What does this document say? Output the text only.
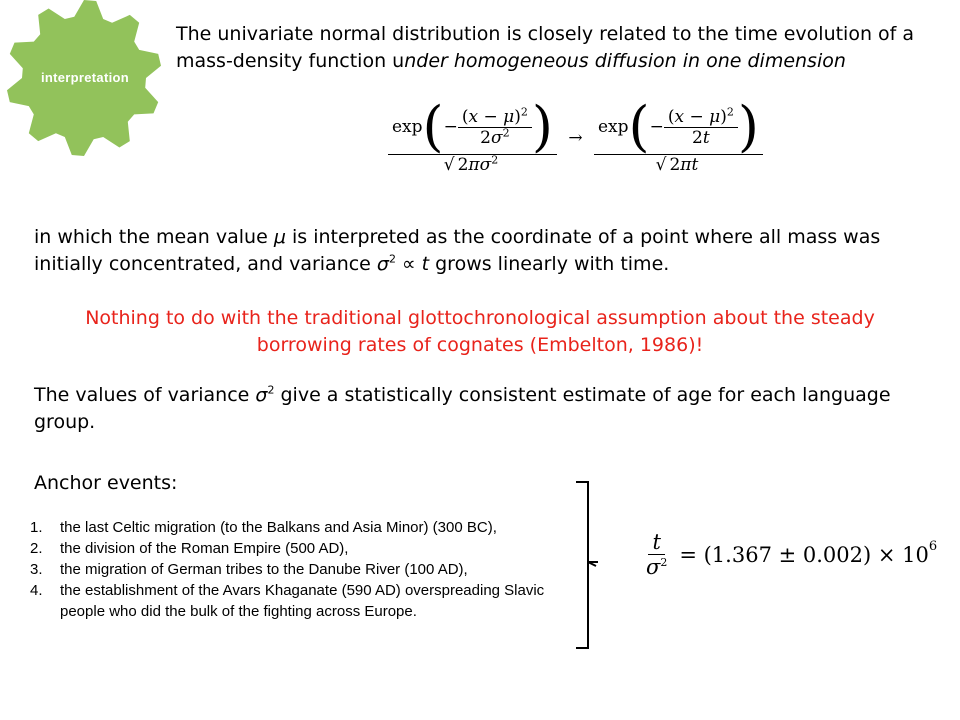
interpretation
The univariate normal distribution is closely related to the time evolution of a mass-density function under homogeneous diffusion in one dimension
exp ( − $\frac{(x - \mu)^2}{2\sigma^2}$ )
√ $2\pi\sigma^2$
→
exp ( − $\frac{(x - \mu)^2}{2t}$ )
√ 2πt
in which the mean value μ is interpreted as the coordinate of a point where all mass was initially concentrated, and variance $\sigma^2 \propto t$ grows linearly with time.
Nothing to do with the traditional glottochronological assumption about the steady borrowing rates of cognates (Embelton, 1986)!
The values of variance $\sigma^2$ give a statistically consistent estimate of age for each language group.
Anchor events:
1. the last Celtic migration (to the Balkans and Asia Minor) (300 BC),
2. the division of the Roman Empire (500 AD),
3. the migration of German tribes to the Danube River (100 AD),
4. the establishment of the Avars Khaganate (590 AD) overspreading Slavic people who did the bulk of the fighting across Europe.
$\frac{t}{\sigma^2} = (1.367 \pm 0.002) \times 10^6$
